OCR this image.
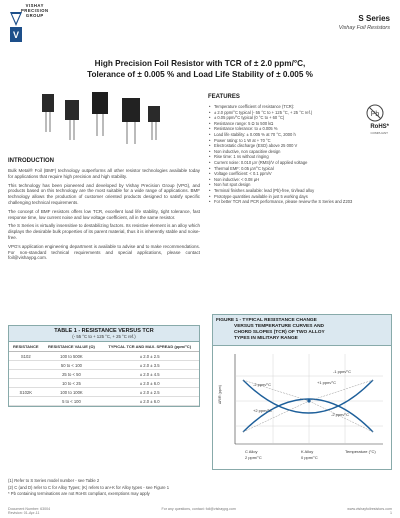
V
VISHAY
PRECISION
GROUP	S Series
Vishay Foil Resistors
High Precision Foil Resistor with TCR of ± 2.0 ppm/°C,
Tolerance of ± 0.005 % and Load Life Stability of ± 0.005 %
Pb
RoHS*
COMPLIANT
FEATURES
• Temperature coefficient of resistance (TCR):
• ± 2.0 ppm/°C typical (- 55 °C to + 125 °C, + 25 °C ref.)
• ± 0.05 ppm/°C typical (0 °C to + 60 °C)
• Resistance range: 5 Ω to 500 kΩ
• Resistance tolerance: to ± 0.005 %
• Load life stability: ± 0.005 % at 70 °C, 2000 h
• Power rating: to 1 W at + 70 °C
• Electrostatic discharge (ESD) above 25 000 V
• Non inductive, non capacitive design
• Rise time: 1 ns without ringing
• Current noise: 0.010 µV (RMS)/V of applied voltage
• Thermal EMF: 0.05 µV/°C typical
• Voltage coefficient: < 0.1 ppm/V
• Non inductive: < 0.08 µH
• Non hot spot design
• Terminal finishes available: lead (Pb)-free, tin/lead alloy
• Prototype quantities available in just 5 working days
• For better TCR and PCR performance, please review the S Series and Z203
INTRODUCTION

Bulk Metal® Foil (BMF) technology outperforms all other resistor technologies available today for applications that require high precision and high stability.

This technology has been pioneered and developed by Vishay Precision Group (VPG), and products based on this technology are the most suitable for a wide range of applications. BMF technology allows the production of customer oriented products designed to satisfy specific challenging technical requirements.

The concept of BMF resistors offers low TCR, excellent load life stability, tight tolerance, fast response time, low current noise and low voltage coefficient, all in the same resistor.

The S Series is virtually insensitive to destabilizing factors. Its resistive element is an alloy which displays the desirable bulk properties of its parent material, thus it is inherently stable and noise-free.

VPG's application engineering department is available to advise and to make recommendations. For non-standard technical requirements and special applications, please contact foil@vishaypg.com.

TABLE 1 - RESISTANCE VERSUS TCR
(- 55 °C to + 125 °C, + 25 °C ref.)
RESISTANCE	RESISTANCE VALUE (Ω)	TYPICAL TCR AND MAX. SPREAD (ppm/°C)
S102	100 to 500K	± 2.0 ± 2.5
	50 to < 100	± 2.0 ± 3.5
	25 to < 50	± 2.0 ± 4.5
	10 to < 25	± 2.0 ± 6.0
S102K	100 to 100K	± 2.0 ± 2.5
	5 to < 100	± 2.0 ± 6.0
FIGURE 1 - TYPICAL RESISTANCE CHANGE
VERSUS TEMPERATURE CURVES AND
CHORD SLOPES (TCR) OF TWO ALLOY
TYPES IN MILITARY RANGE
+1 ppm/°C
+2 ppm/°C
-2 ppm/°C
-1 ppm/°C
-2 ppm/°C
C Alloy
2 ppm/°C
K Alloy
0 ppm/°C
Temperature (°C)
ΔR/R (ppm)

(1) Refer to S Series model number - see Table 2

(2) C (and D) refer to C for Alloy Types; (K) refers to an+K for Alloy types - see Figure 1

* Pb containing terminations are not RoHS compliant, exemptions may apply

Document Number: 63004
Revision: 01-Apr-11
For any questions, contact: foil@vishaypg.com	www.vishayfoilresistors.com
1
